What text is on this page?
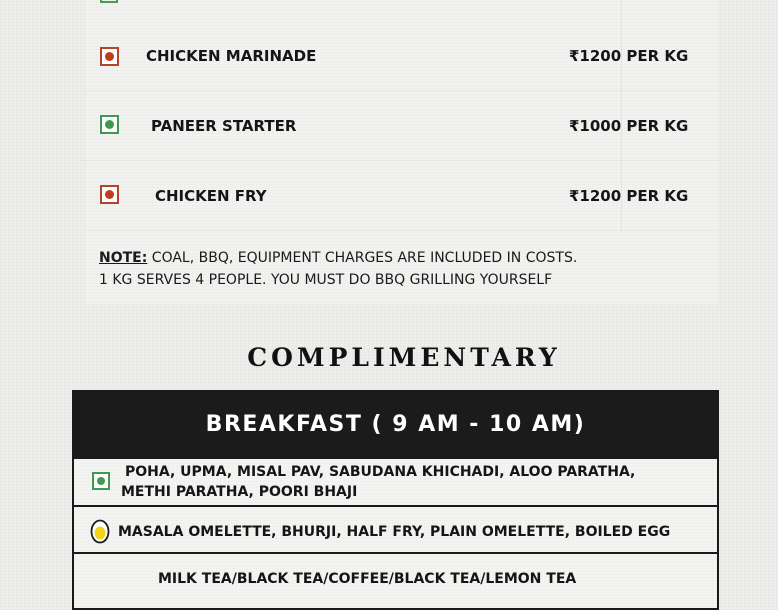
CHICKEN MARINADE	₹1200 PER KG
PANEER STARTER	₹1000 PER KG
CHICKEN FRY	₹1200 PER KG
NOTE: COAL, BBQ, EQUIPMENT CHARGES ARE INCLUDED IN COSTS.
1 KG SERVES 4 PEOPLE. YOU MUST DO BBQ GRILLING YOURSELF
COMPLIMENTARY
BREAKFAST ( 9 AM - 10 AM)
POHA, UPMA, MISAL PAV, SABUDANA KHICHADI, ALOO PARATHA,
METHI PARATHA, POORI BHAJI
MASALA OMELETTE, BHURJI, HALF FRY, PLAIN OMELETTE, BOILED EGG
MILK TEA/BLACK TEA/COFFEE/BLACK TEA/LEMON TEA
